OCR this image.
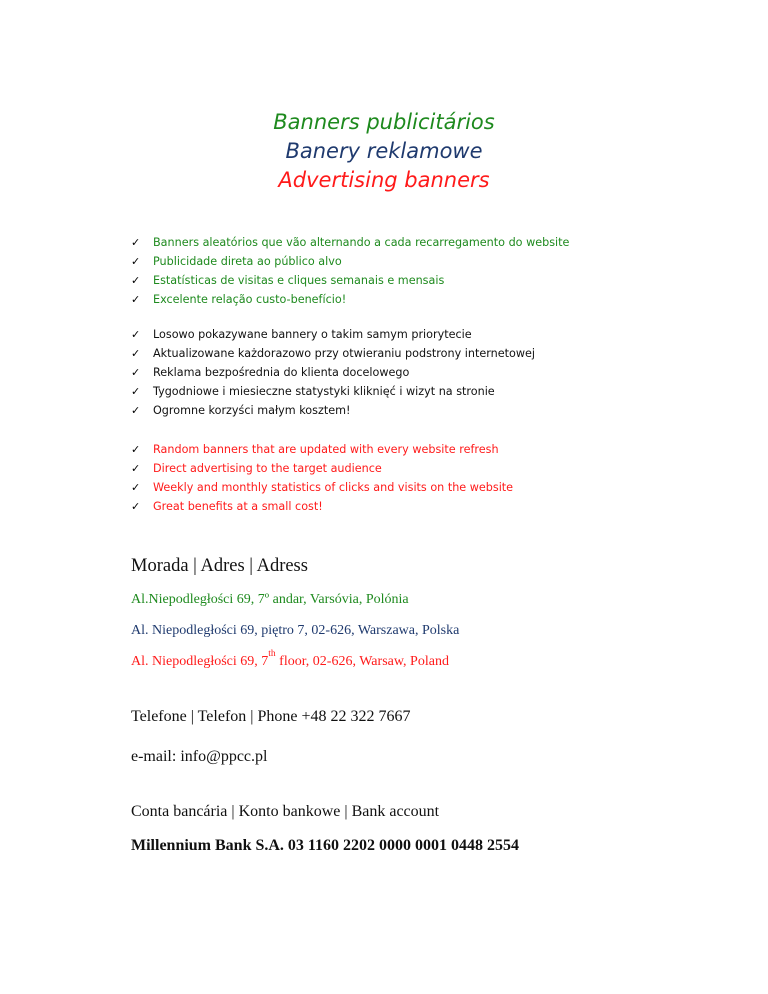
Banners publicitários
Banery reklamowe
Advertising banners
✓ Banners aleatórios que vão alternando a cada recarregamento do website
✓ Publicidade direta ao público alvo
✓ Estatísticas de visitas e cliques semanais e mensais
✓ Excelente relação custo-benefício!
✓ Losowo pokazywane bannery o takim samym priorytecie
✓ Aktualizowane każdorazowo przy otwieraniu podstrony internetowej
✓ Reklama bezpośrednia do klienta docelowego
✓ Tygodniowe i miesieczne statystyki kliknięć i wizyt na stronie
✓ Ogromne korzyści małym kosztem!
✓ Random banners that are updated with every website refresh
✓ Direct advertising to the target audience
✓ Weekly and monthly statistics of clicks and visits on the website
✓ Great benefits at a small cost!
Morada | Adres | Adress
Al.Niepodległości 69, 7º andar, Varsóvia, Polónia
Al. Niepodległości 69, piętro 7, 02-626, Warszawa, Polska
Al. Niepodległości 69, 7th floor, 02-626, Warsaw, Poland
Telefone | Telefon | Phone +48 22 322 7667
e-mail: info@ppcc.pl
Conta bancária | Konto bankowe | Bank account
Millennium Bank S.A. 03 1160 2202 0000 0001 0448 2554
